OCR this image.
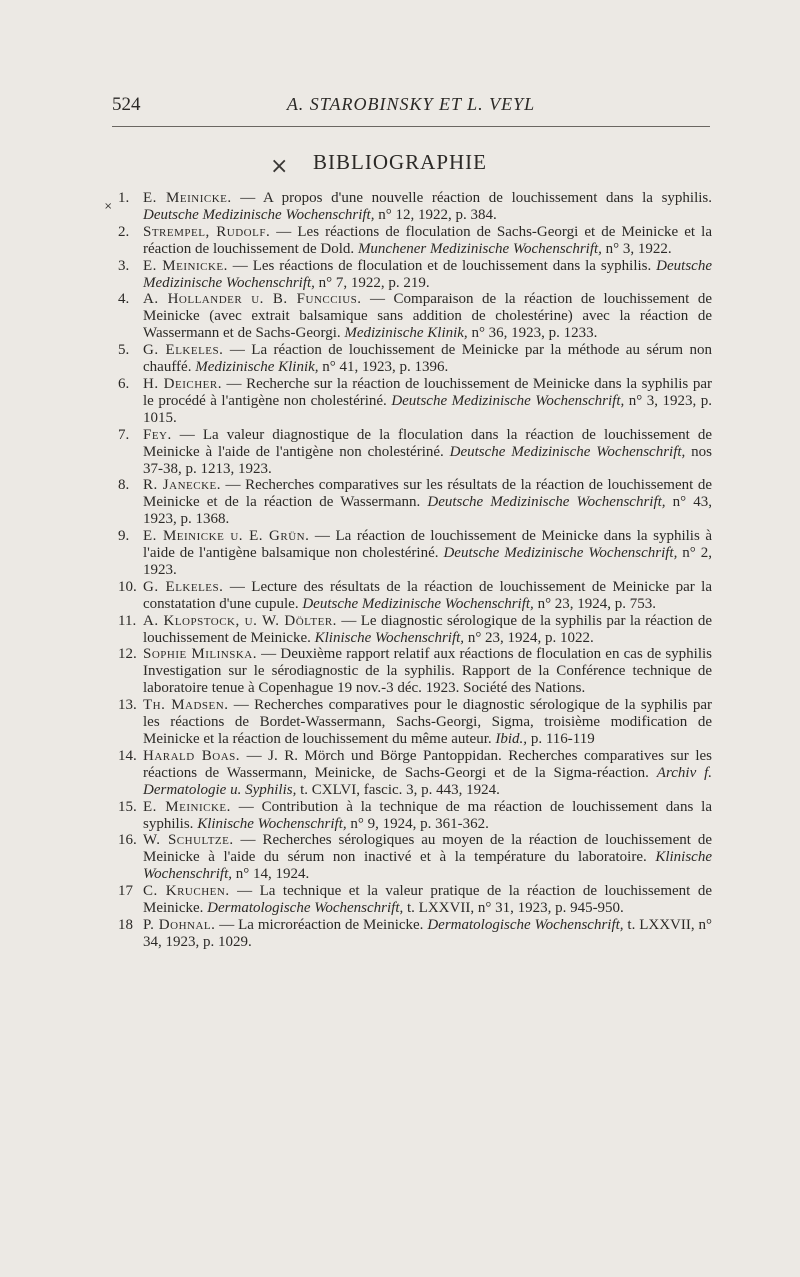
524	A. STAROBINSKY ET L. VEYL
×
×
BIBLIOGRAPHIE
1. E. Meinicke. — A propos d'une nouvelle réaction de louchissement dans la syphilis. Deutsche Medizinische Wochenschrift, n° 12, 1922, p. 384.
2. Strempel, Rudolf. — Les réactions de floculation de Sachs-Georgi et de Meinicke et la réaction de louchissement de Dold. Munchener Medizinische Wochenschrift, n° 3, 1922.
3. E. Meinicke. — Les réactions de floculation et de louchissement dans la syphilis. Deutsche Medizinische Wochenschrift, n° 7, 1922, p. 219.
4. A. Hollander u. B. Funccius. — Comparaison de la réaction de louchissement de Meinicke (avec extrait balsamique sans addition de cholestérine) avec la réaction de Wassermann et de Sachs-Georgi. Medizinische Klinik, n° 36, 1923, p. 1233.
5. G. Elkeles. — La réaction de louchissement de Meinicke par la méthode au sérum non chauffé. Medizinische Klinik, n° 41, 1923, p. 1396.
6. H. Deicher. — Recherche sur la réaction de louchissement de Meinicke dans la syphilis par le procédé à l'antigène non cholestériné. Deutsche Medizinische Wochenschrift, n° 3, 1923, p. 1015.
7. Fey. — La valeur diagnostique de la floculation dans la réaction de louchissement de Meinicke à l'aide de l'antigène non cholestériné. Deutsche Medizinische Wochenschrift, nos 37-38, p. 1213, 1923.
8. R. Janecke. — Recherches comparatives sur les résultats de la réaction de louchissement de Meinicke et de la réaction de Wassermann. Deutsche Medizinische Wochenschrift, n° 43, 1923, p. 1368.
9. E. Meinicke u. E. Grün. — La réaction de louchissement de Meinicke dans la syphilis à l'aide de l'antigène balsamique non cholestériné. Deutsche Medizinische Wochenschrift, n° 2, 1923.
10. G. Elkeles. — Lecture des résultats de la réaction de louchissement de Meinicke par la constatation d'une cupule. Deutsche Medizinische Wochenschrift, n° 23, 1924, p. 753.
11. A. Klopstock, u. W. Dölter. — Le diagnostic sérologique de la syphilis par la réaction de louchissement de Meinicke. Klinische Wochenschrift, n° 23, 1924, p. 1022.
12. Sophie Milinska. — Deuxième rapport relatif aux réactions de floculation en cas de syphilis Investigation sur le sérodiagnostic de la syphilis. Rapport de la Conférence technique de laboratoire tenue à Copenhague 19 nov.-3 déc. 1923. Société des Nations.
13. Th. Madsen. — Recherches comparatives pour le diagnostic sérologique de la syphilis par les réactions de Bordet-Wassermann, Sachs-Georgi, Sigma, troisième modification de Meinicke et la réaction de louchissement du même auteur. Ibid., p. 116-119
14. Harald Boas. — J. R. Mörch und Börge Pantoppidan. Recherches comparatives sur les réactions de Wassermann, Meinicke, de Sachs-Georgi et de la Sigma-réaction. Archiv f. Dermatologie u. Syphilis, t. CXLVI, fascic. 3, p. 443, 1924.
15. E. Meinicke. — Contribution à la technique de ma réaction de louchissement dans la syphilis. Klinische Wochenschrift, n° 9, 1924, p. 361-362.
16. W. Schultze. — Recherches sérologiques au moyen de la réaction de louchissement de Meinicke à l'aide du sérum non inactivé et à la température du laboratoire. Klinische Wochenschrift, n° 14, 1924.
17 C. Kruchen. — La technique et la valeur pratique de la réaction de louchissement de Meinicke. Dermatologische Wochenschrift, t. LXXVII, n° 31, 1923, p. 945-950.
18 P. Dohnal. — La microréaction de Meinicke. Dermatologische Wochenschrift, t. LXXVII, n° 34, 1923, p. 1029.
